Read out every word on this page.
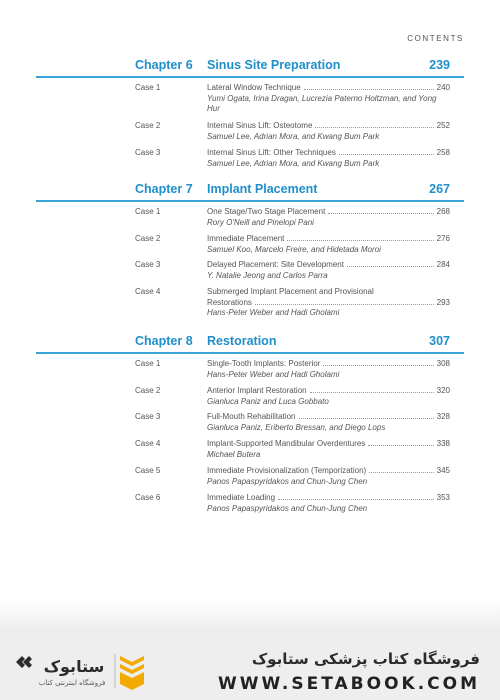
CONTENTS
Chapter 6 Sinus Site Preparation	239
Case 1	Lateral Window Technique	240
Yumi Ogata, Irina Dragan, Lucrezia Paterno Holtzman, and Yong Hur
Case 2	Internal Sinus Lift: Osteotome	252
Samuel Lee, Adrian Mora, and Kwang Bum Park
Case 3	Internal Sinus Lift: Other Techniques	258
Samuel Lee, Adrian Mora, and Kwang Bum Park
Chapter 7 Implant Placement	267
Case 1	One Stage/Two Stage Placement	268
Rory O'Neill and Pinelopi Pani
Case 2	Immediate Placement	276
Samuel Koo, Marcelo Freire, and Hidetada Moroi
Case 3	Delayed Placement: Site Development	284
Y. Natalie Jeong and Carlos Parra
Case 4	Submerged Implant Placement and Provisional
Restorations	293
Hans-Peter Weber and Hadi Gholami
Chapter 8 Restoration	307
Case 1	Single-Tooth Implants: Posterior	308
Hans-Peter Weber and Hadi Gholami
Case 2	Anterior Implant Restoration	320
Gianluca Paniz and Luca Gobbato
Case 3	Full-Mouth Rehabilitation	328
Gianluca Paniz, Eriberto Bressan, and Diego Lops
Case 4	Implant-Supported Mandibular Overdentures	338
Michael Butera
Case 5	Immediate Provisionalization (Temporization)	345
Panos Papaspyridakos and Chun-Jung Chen
Case 6	Immediate Loading	353
Panos Papaspyridakos and Chun-Jung Chen
ستابوک
فروشگاه اینترنتی کتاب
فروشگاه کتاب پزشکی ستابوک
WWW.SETABOOK.COM
